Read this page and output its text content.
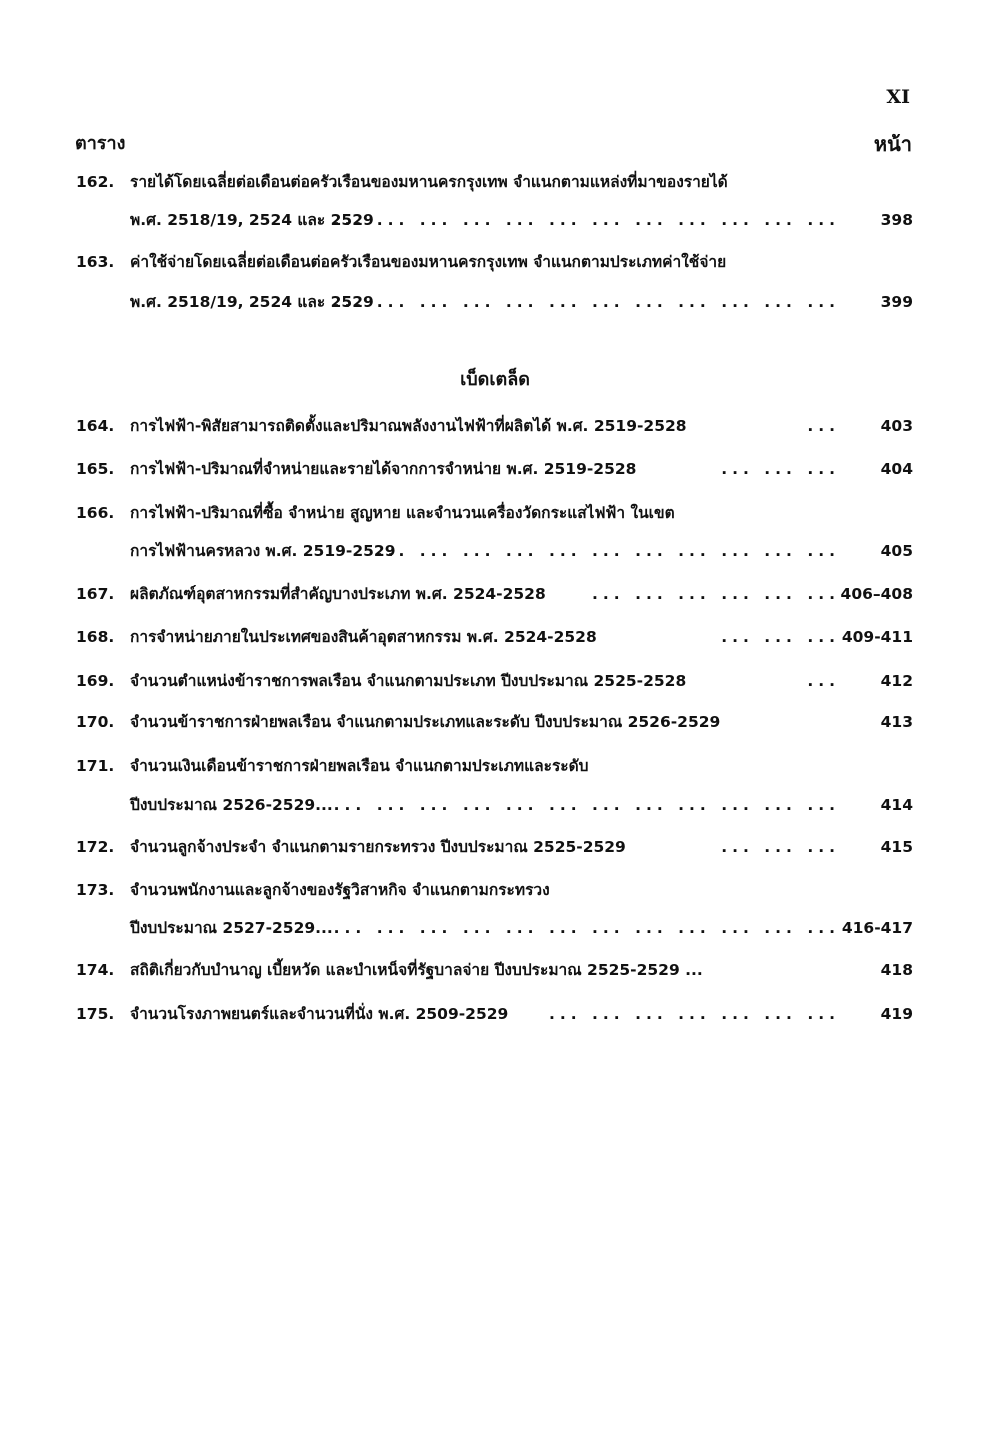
XI
ตาราง	หน้า
162. รายได้โดยเฉลี่ยต่อเดือนต่อครัวเรือนของมหานครกรุงเทพ จำแนกตามแหล่งที่มาของรายได้
พ.ศ. 2518/19, 2524 และ 2529
... ... ... ... ... ... ... ... ... ... ... ...	398
163. ค่าใช้จ่ายโดยเฉลี่ยต่อเดือนต่อครัวเรือนของมหานครกรุงเทพ จำแนกตามประเภทค่าใช้จ่าย
พ.ศ. 2518/19, 2524 และ 2529
... ... ... ... ... ... ... ... ... ... ... ...	399
เบ็ดเตล็ด
164. การไฟฟ้า-พิสัยสามารถติดตั้งและปริมาณพลังงานไฟฟ้าที่ผลิตได้ พ.ศ. 2519-2528	...	403
165. การไฟฟ้า-ปริมาณที่จำหน่ายและรายได้จากการจำหน่าย พ.ศ. 2519-2528	... ... ...	404
166. การไฟฟ้า-ปริมาณที่ซื้อ จำหน่าย สูญหาย และจำนวนเครื่องวัดกระแสไฟฟ้า ในเขต
การไฟฟ้านครหลวง พ.ศ. 2519-2529
... ... ... ... ... ... ... ... ... ... ...	405
167. ผลิตภัณฑ์อุตสาหกรรมที่สำคัญบางประเภท พ.ศ. 2524-2528	... ... ... ... ... ... 406–408
168. การจำหน่ายภายในประเทศของสินค้าอุตสาหกรรม พ.ศ. 2524-2528	... ... ... 409-411
169. จำนวนตำแหน่งข้าราชการพลเรือน จำแนกตามประเภท ปีงบประมาณ 2525-2528	...	412
170. จำนวนข้าราชการฝ่ายพลเรือน จำแนกตามประเภทและระดับ ปีงบประมาณ 2526-2529	413
171. จำนวนเงินเดือนข้าราชการฝ่ายพลเรือน จำแนกตามประเภทและระดับ
ปีงบประมาณ 2526-2529... ... ... ... ... ... ... ... ... ... ... ... ...	414
172. จำนวนลูกจ้างประจำ จำแนกตามรายกระทรวง ปีงบประมาณ 2525-2529	... ... ...	415
173. จำนวนพนักงานและลูกจ้างของรัฐวิสาหกิจ จำแนกตามกระทรวง
ปีงบประมาณ 2527-2529... ... ... ... ... ... ... ... ... ... ... ... ... 416-417
174. สถิติเกี่ยวกับบำนาญ เบี้ยหวัด และบำเหน็จที่รัฐบาลจ่าย ปีงบประมาณ 2525-2529 ...	418
175. จำนวนโรงภาพยนตร์และจำนวนที่นั่ง พ.ศ. 2509-2529	... ... ... ... ... ... ...	419
